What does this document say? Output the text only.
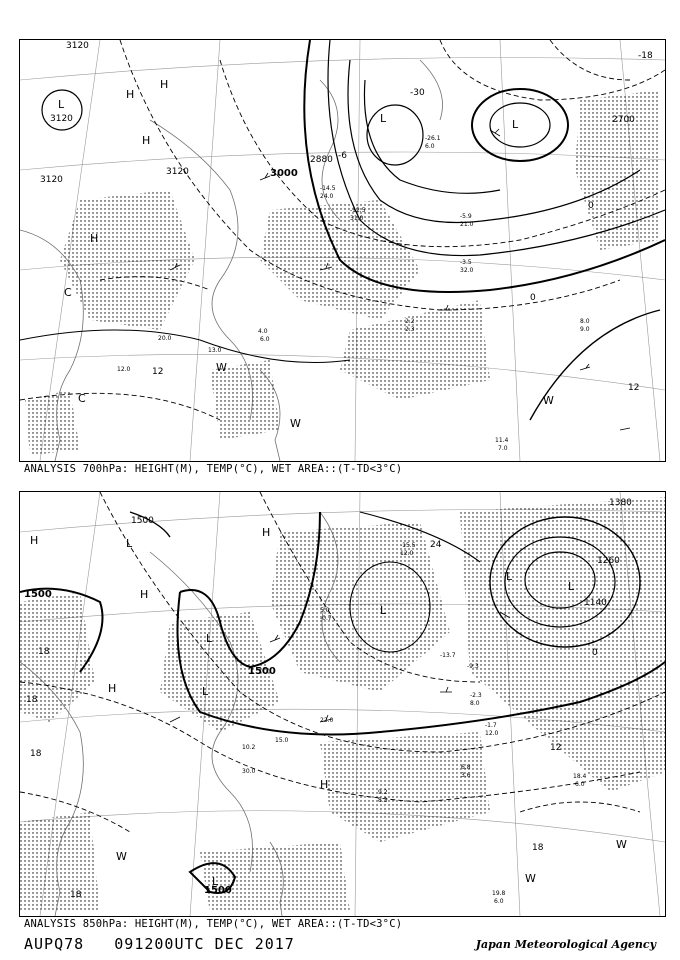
3120
3120
3120
3120	3000
2880
2700
-30
-18
12
12
0
0
-6
L
L	L
H
H
H
H
C
C
W
W
W
11.4
7.0
8.0
9.0
12.0
20.0
13.0
4.0
6.0
2.2
2.3
-3.5
32.0
-5.9
21.0
-26.1
6.0
-12.5
31.0
-14.5
24.0
ANALYSIS 700hPa: HEIGHT(M), TEMP(°C), WET AREA::(T-TD<3°C)
1500
1500
1500
1500
1380
1260
1140
18
18
18
18
12
0
24
18
L
L
L
L
L
L
L
H
H
H
H
H
W
W
W
19.8
6.0
18.4
6.0
6.8
3.6
9.2
8.3
10.2
30.0
15.0
22.0
-9.3
-2.3
8.0
-13.7
-1.7
12.0
-15.5
12.0
5.0
-0.7
ANALYSIS 850hPa: HEIGHT(M), TEMP(°C), WET AREA::(T-TD<3°C)
AUPQ78 091200UTC DEC 2017	Japan Meteorological Agency
